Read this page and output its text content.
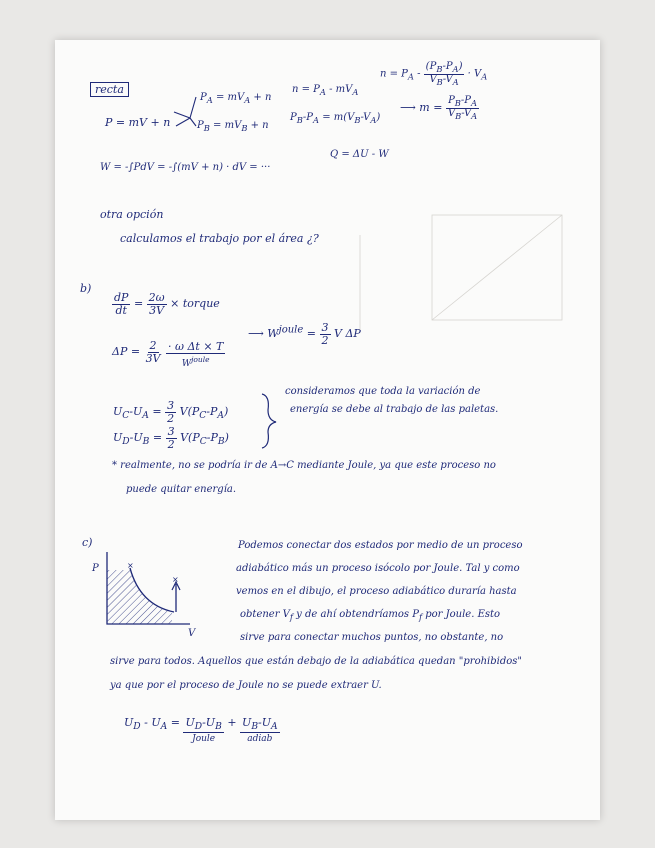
recta
P = mV + n
$P_A = mV_A + n$
$P_B = mV_B + n$
$n = P_A - mV_A$
$P_B-P_A = m(V_B-V_A)$
$n = P_A - \frac{(P_B-P_A)}{V_B-V_A} \cdot V_A$
⟶ $m = \frac{P_B-P_A}{V_B-V_A}$
W = -∫PdV = -∫(mV + n) · dV = ···
Q = ΔU - W
otra opción
calculamos el trabajo por el área ¿?
b)
$\frac{dP}{dt} = \frac{2\omega}{3V}$ × torque
$\Delta P = \frac{2}{3V}$
· ω Δt × T
$W^{joule}$
⟶ $W^{joule} = \frac{3}{2}$ V ΔP
$U_C-U_A = \frac{3}{2} V(P_C-P_A)$
$U_D-U_B = \frac{3}{2} V(P_C-P_B)$
consideramos que toda la variación de
energía se debe al trabajo de las paletas.
* realmente, no se podría ir de A→C mediante Joule, ya que este proceso no
puede quitar energía.
c)
P
V
Podemos conectar dos estados por medio de un proceso
adiabático más un proceso isócolo por Joule. Tal y como
vemos en el dibujo, el proceso adiabático duraría hasta
obtener $V_f$ y de ahí obtendríamos $P_f$ por Joule. Esto
sirve para conectar muchos puntos, no obstante, no
sirve para todos. Aquellos que están debajo de la adiabática quedan "prohibidos"
ya que por el proceso de Joule no se puede extraer U.
$U_D - U_A = U_D-U_B$
Joule
+ $U_B-U_A$
adiab
×
×
